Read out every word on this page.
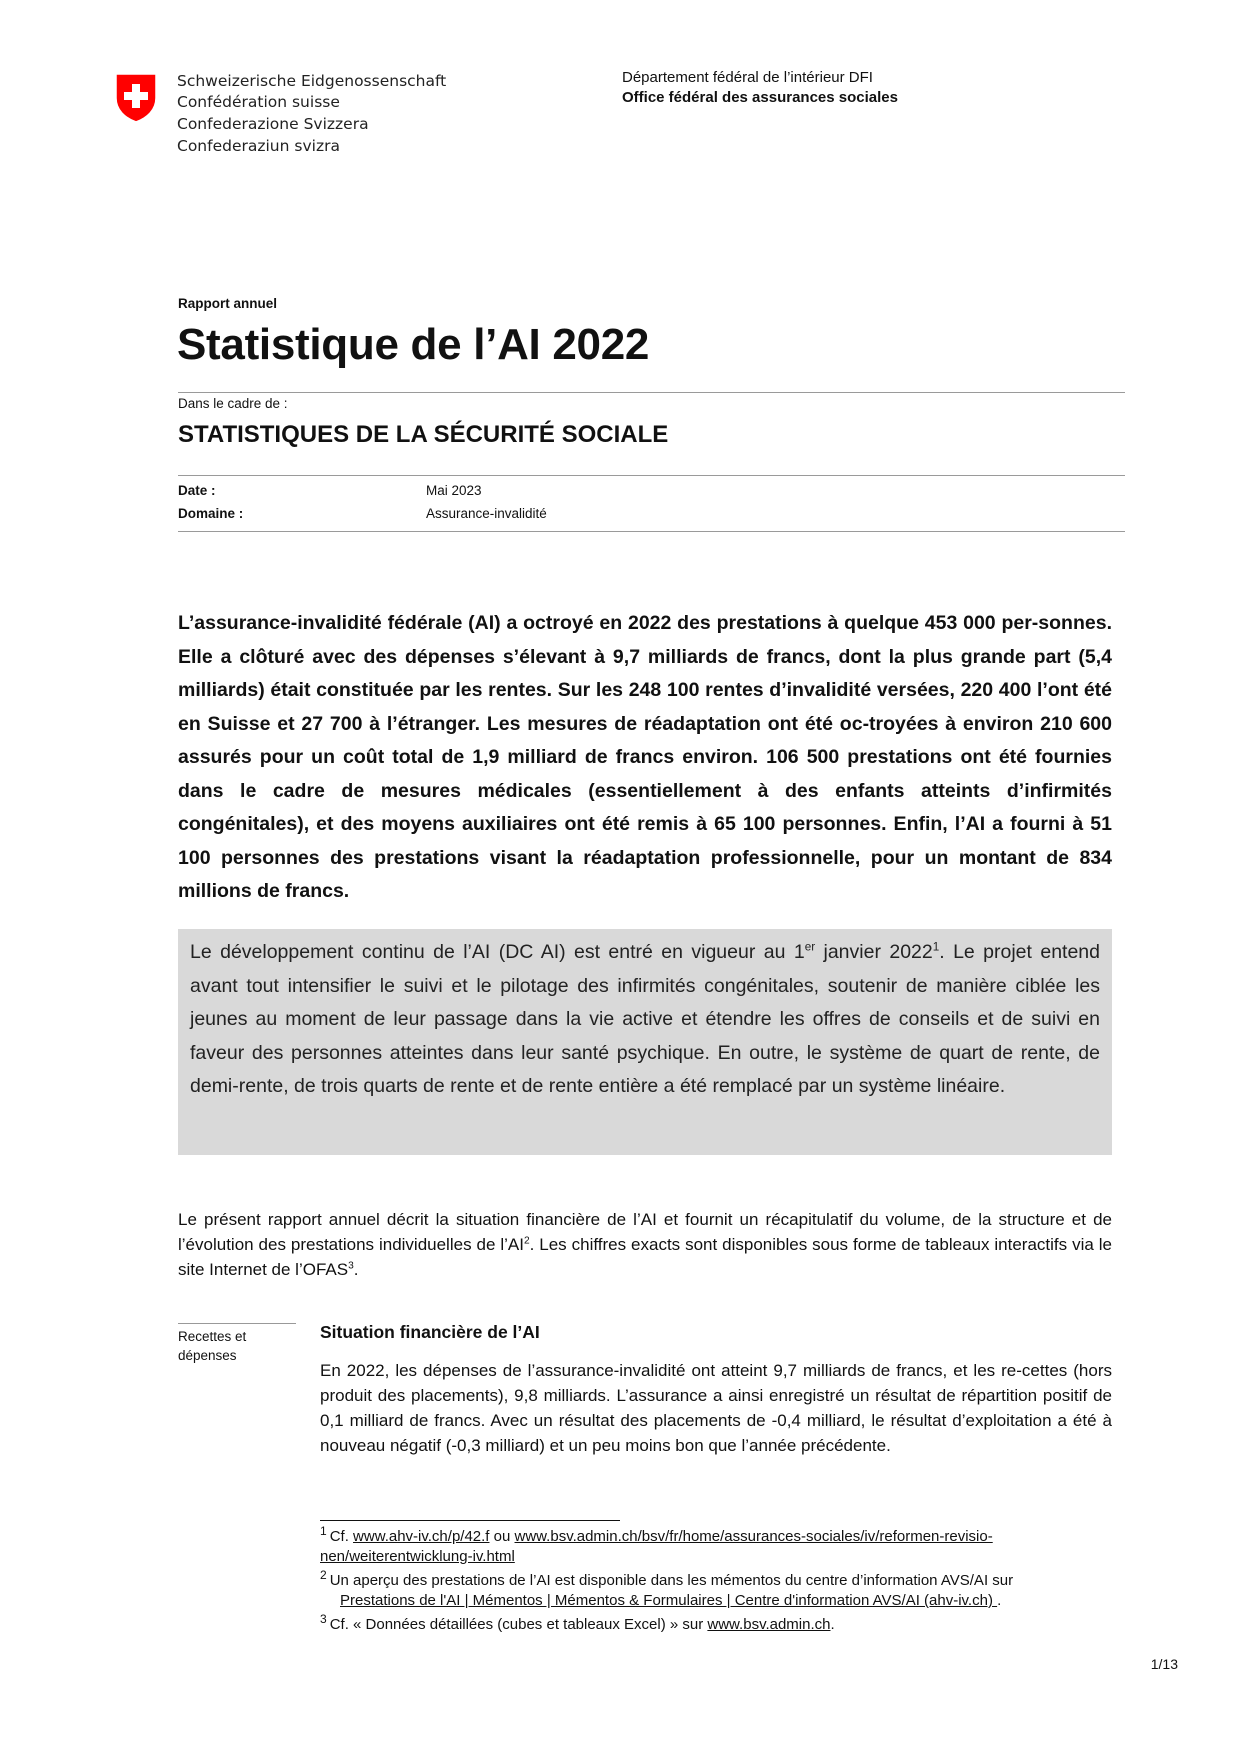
Schweizerische Eidgenossenschaft
Confédération suisse
Confederazione Svizzera
Confederaziun svizra
Département fédéral de l’intérieur DFI
Office fédéral des assurances sociales
Rapport annuel
Statistique de l’AI 2022
Dans le cadre de :
STATISTIQUES DE LA SÉCURITÉ SOCIALE
Date :	Mai 2023
Domaine :	Assurance-invalidité

L’assurance-invalidité fédérale (AI) a octroyé en 2022 des prestations à quelque 453 000 per-sonnes. Elle a clôturé avec des dépenses s’élevant à 9,7 milliards de francs, dont la plus grande part (5,4 milliards) était constituée par les rentes. Sur les 248 100 rentes d’invalidité versées, 220 400 l’ont été en Suisse et 27 700 à l’étranger. Les mesures de réadaptation ont été oc-troyées à environ 210 600 assurés pour un coût total de 1,9 milliard de francs environ. 106 500 prestations ont été fournies dans le cadre de mesures médicales (essentiellement à des enfants atteints d’infirmités congénitales), et des moyens auxiliaires ont été remis à 65 100 personnes. Enfin, l’AI a fourni à 51 100 personnes des prestations visant la réadaptation professionnelle, pour un montant de 834 millions de francs.

Le développement continu de l’AI (DC AI) est entré en vigueur au 1er janvier 2022$^1$. Le projet entend avant tout intensifier le suivi et le pilotage des infirmités congénitales, soutenir de manière ciblée les jeunes au moment de leur passage dans la vie active et étendre les offres de conseils et de suivi en faveur des personnes atteintes dans leur santé psychique. En outre, le système de quart de rente, de demi-rente, de trois quarts de rente et de rente entière a été remplacé par un système linéaire.

Le présent rapport annuel décrit la situation financière de l’AI et fournit un récapitulatif du volume, de la structure et de l’évolution des prestations individuelles de $l’AI^2$. Les chiffres exacts sont disponibles sous forme de tableaux interactifs via le site Internet de l’OFAS$^3$.

Recettes et dépenses
Situation financière de l’AI

En 2022, les dépenses de l’assurance-invalidité ont atteint 9,7 milliards de francs, et les re-cettes (hors produit des placements), 9,8 milliards. L’assurance a ainsi enregistré un résultat de répartition positif de 0,1 milliard de francs. Avec un résultat des placements de -0,4 milliard, le résultat d’exploitation a été à nouveau négatif (-0,3 milliard) et un peu moins bon que l’année précédente.

$^1$ Cf. www.ahv-iv.ch/p/42.f ou www.bsv.admin.ch/bsv/fr/home/assurances-sociales/iv/reformen-revisio-
nen/weiterentwicklung-iv.html
$^2$ Un aperçu des prestations de l’AI est disponible dans les mémentos du centre d’information AVS/AI sur
Prestations de l'AI | Mémentos | Mémentos & Formulaires | Centre d'information AVS/AI (ahv-iv.ch) .
$^3$ Cf. « Données détaillées (cubes et tableaux Excel) » sur www.bsv.admin.ch.
1/13
